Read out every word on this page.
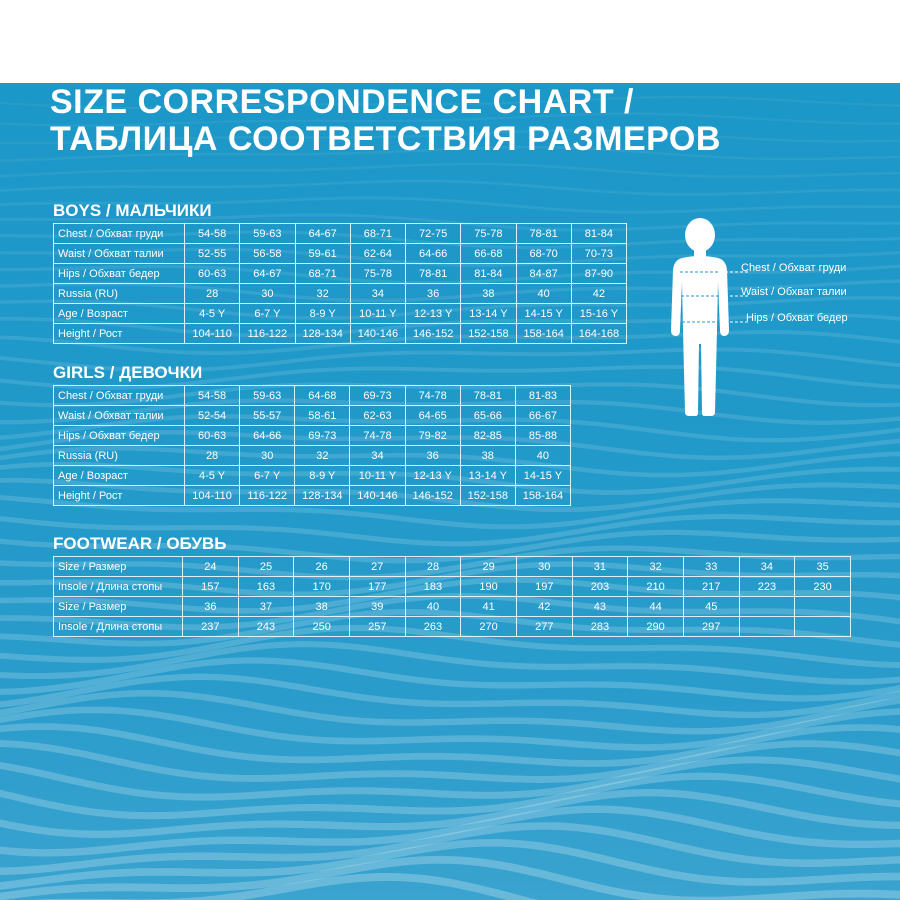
SIZE CORRESPONDENCE CHART /
ТАБЛИЦА СООТВЕТСТВИЯ РАЗМЕРОВ
BOYS / МАЛЬЧИКИ
Chest / Обхват груди	54-58	59-63	64-67	68-71	72-75	75-78	78-81	81-84
Waist / Обхват талии	52-55	56-58	59-61	62-64	64-66	66-68	68-70	70-73
Hips / Обхват бедер	60-63	64-67	68-71	75-78	78-81	81-84	84-87	87-90
Russia (RU)	28	30	32	34	36	38	40	42
Age / Возраст	4-5 Y	6-7 Y	8-9 Y	10-11 Y	12-13 Y	13-14 Y	14-15 Y	15-16 Y
Height / Рост	104-110	116-122	128-134	140-146	146-152	152-158	158-164	164-168
GIRLS / ДЕВОЧКИ
Chest / Обхват груди	54-58	59-63	64-68	69-73	74-78	78-81	81-83
Waist / Обхват талии	52-54	55-57	58-61	62-63	64-65	65-66	66-67
Hips / Обхват бедер	60-63	64-66	69-73	74-78	79-82	82-85	85-88
Russia (RU)	28	30	32	34	36	38	40
Age / Возраст	4-5 Y	6-7 Y	8-9 Y	10-11 Y	12-13 Y	13-14 Y	14-15 Y
Height / Рост	104-110	116-122	128-134	140-146	146-152	152-158	158-164
FOOTWEAR / ОБУВЬ
Size / Размер	24	25	26	27	28	29	30	31	32	33	34	35
Insole / Длина стопы	157	163	170	177	183	190	197	203	210	217	223	230
Size / Размер	36	37	38	39	40	41	42	43	44	45		
Insole / Длина стопы	237	243	250	257	263	270	277	283	290	297		
Chest / Обхват груди
Waist / Обхват талии
Hips / Обхват бедер
